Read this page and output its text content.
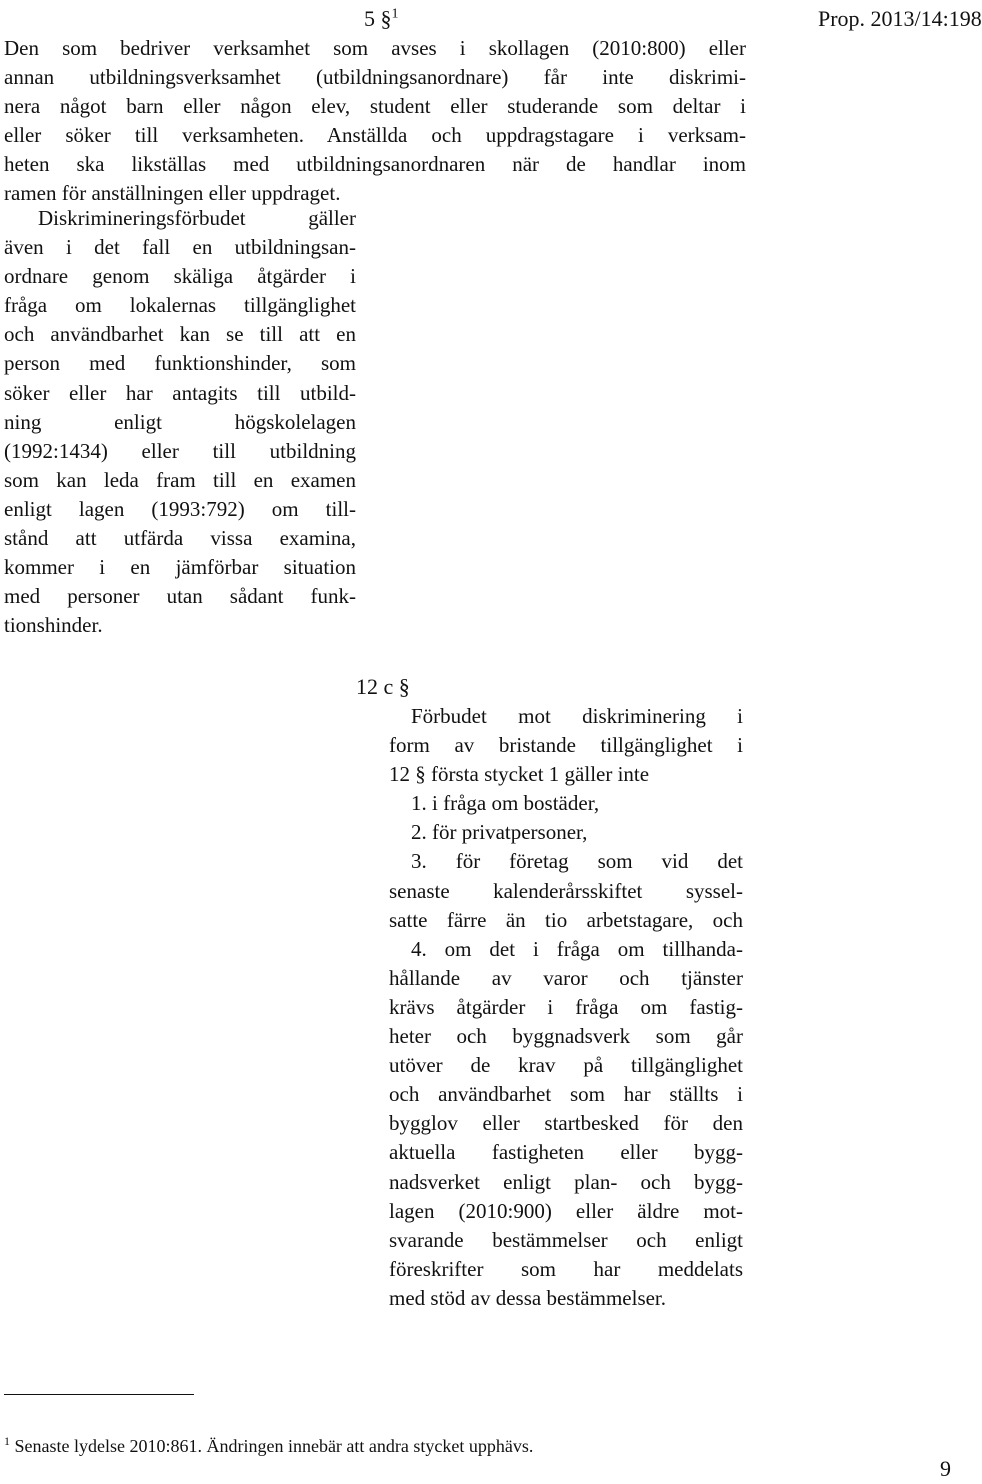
5 §$^1$	Prop. 2013/14:198
Den som bedriver verksamhet som avses i skollagen (2010:800) eller
annan utbildningsverksamhet (utbildningsanordnare) får inte diskrimi-
nera något barn eller någon elev, student eller studerande som deltar i
eller söker till verksamheten. Anställda och uppdragstagare i verksam-
heten ska likställas med utbildningsanordnaren när de handlar inom
ramen för anställningen eller uppdraget.
Diskrimineringsförbudet gäller
även i det fall en utbildningsan-
ordnare genom skäliga åtgärder i
fråga om lokalernas tillgänglighet
och användbarhet kan se till att en
person med funktionshinder, som
söker eller har antagits till utbild-
ning enligt högskolelagen
(1992:1434) eller till utbildning
som kan leda fram till en examen
enligt lagen (1993:792) om till-
stånd att utfärda vissa examina,
kommer i en jämförbar situation
med personer utan sådant funk-
tionshinder.
12 c §
Förbudet mot diskriminering i
form av bristande tillgänglighet i
12 § första stycket 1 gäller inte
1. i fråga om bostäder,
2. för privatpersoner,
3. för företag som vid det
senaste kalenderårsskiftet syssel-
satte färre än tio arbetstagare, och
4. om det i fråga om tillhanda-
hållande av varor och tjänster
krävs åtgärder i fråga om fastig-
heter och byggnadsverk som går
utöver de krav på tillgänglighet
och användbarhet som har ställts i
bygglov eller startbesked för den
aktuella fastigheten eller bygg-
nadsverket enligt plan- och bygg-
lagen (2010:900) eller äldre mot-
svarande bestämmelser och enligt
föreskrifter som har meddelats
med stöd av dessa bestämmelser.
$^1$ Senaste lydelse 2010:861. Ändringen innebär att andra stycket upphävs.
9
